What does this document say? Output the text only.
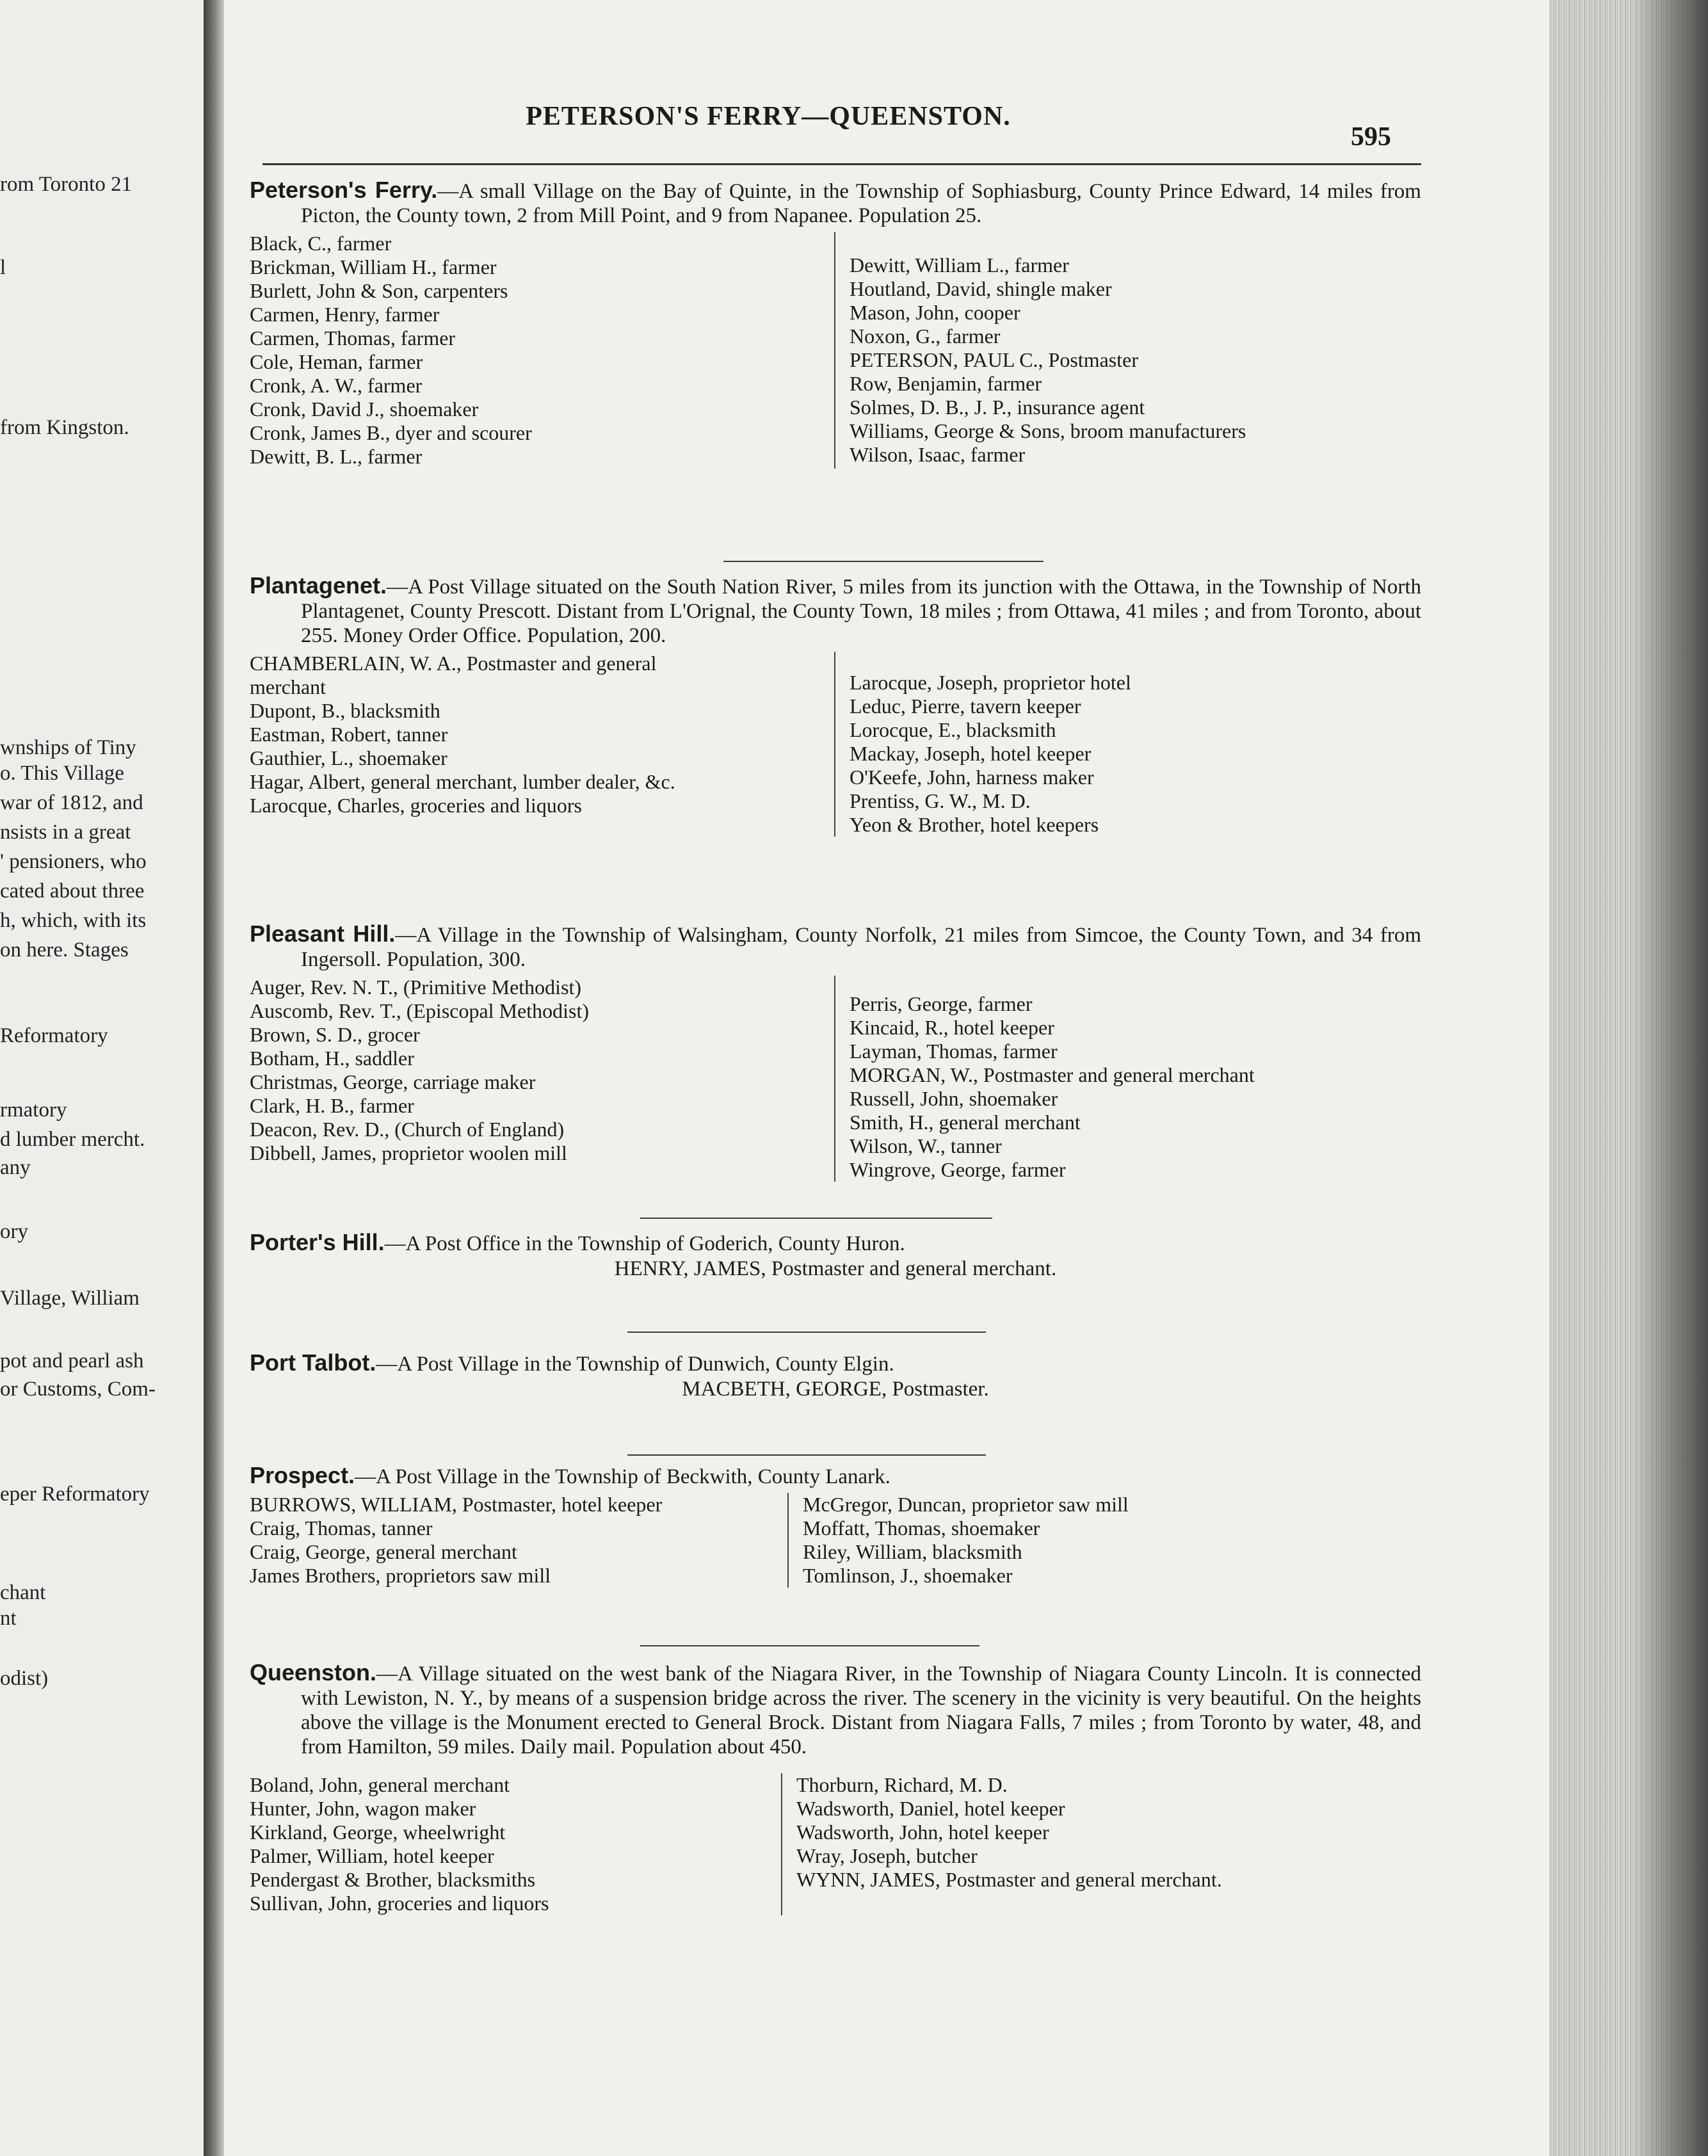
rom Toronto 21
l
from Kingston.
wnships of Tiny
o. This Village
war of 1812, and
nsists in a great
' pensioners, who
cated about three
h, which, with its
on here. Stages
Reformatory
rmatory
d lumber mercht.
any
ory
Village, William
pot and pearl ash
or Customs, Com-
eper Reformatory
chant
nt
odist)
PETERSON'S FERRY—QUEENSTON.
595

Peterson's Ferry.—A small Village on the Bay of Quinte, in the Township of Sophiasburg, County Prince Edward, 14 miles from Picton, the County town, 2 from Mill Point, and 9 from Napanee. Population 25.

Black, C., farmer
Brickman, William H., farmer
Burlett, John & Son, carpenters
Carmen, Henry, farmer
Carmen, Thomas, farmer
Cole, Heman, farmer
Cronk, A. W., farmer
Cronk, David J., shoemaker
Cronk, James B., dyer and scourer
Dewitt, B. L., farmer
Dewitt, William L., farmer
Houtland, David, shingle maker
Mason, John, cooper
Noxon, G., farmer
PETERSON, PAUL C., Postmaster
Row, Benjamin, farmer
Solmes, D. B., J. P., insurance agent
Williams, George & Sons, broom manufacturers
Wilson, Isaac, farmer

Plantagenet.—A Post Village situated on the South Nation River, 5 miles from its junction with the Ottawa, in the Township of North Plantagenet, County Prescott. Distant from L'Orignal, the County Town, 18 miles ; from Ottawa, 41 miles ; and from Toronto, about 255. Money Order Office. Population, 200.

CHAMBERLAIN, W. A., Postmaster and general
merchant
Dupont, B., blacksmith
Eastman, Robert, tanner
Gauthier, L., shoemaker
Hagar, Albert, general merchant, lumber dealer, &c.
Larocque, Charles, groceries and liquors
Larocque, Joseph, proprietor hotel
Leduc, Pierre, tavern keeper
Lorocque, E., blacksmith
Mackay, Joseph, hotel keeper
O'Keefe, John, harness maker
Prentiss, G. W., M. D.
Yeon & Brother, hotel keepers

Pleasant Hill.—A Village in the Township of Walsingham, County Norfolk, 21 miles from Simcoe, the County Town, and 34 from Ingersoll. Population, 300.

Auger, Rev. N. T., (Primitive Methodist)
Auscomb, Rev. T., (Episcopal Methodist)
Brown, S. D., grocer
Botham, H., saddler
Christmas, George, carriage maker
Clark, H. B., farmer
Deacon, Rev. D., (Church of England)
Dibbell, James, proprietor woolen mill
Perris, George, farmer
Kincaid, R., hotel keeper
Layman, Thomas, farmer
MORGAN, W., Postmaster and general merchant
Russell, John, shoemaker
Smith, H., general merchant
Wilson, W., tanner
Wingrove, George, farmer

Porter's Hill.—A Post Office in the Township of Goderich, County Huron.

HENRY, JAMES, Postmaster and general merchant.

Port Talbot.—A Post Village in the Township of Dunwich, County Elgin.

MACBETH, GEORGE, Postmaster.

Prospect.—A Post Village in the Township of Beckwith, County Lanark.

BURROWS, WILLIAM, Postmaster, hotel keeper
Craig, Thomas, tanner
Craig, George, general merchant
James Brothers, proprietors saw mill
McGregor, Duncan, proprietor saw mill
Moffatt, Thomas, shoemaker
Riley, William, blacksmith
Tomlinson, J., shoemaker

Queenston.—A Village situated on the west bank of the Niagara River, in the Township of Niagara County Lincoln. It is connected with Lewiston, N. Y., by means of a suspension bridge across the river. The scenery in the vicinity is very beautiful. On the heights above the village is the Monument erected to General Brock. Distant from Niagara Falls, 7 miles ; from Toronto by water, 48, and from Hamilton, 59 miles. Daily mail. Population about 450.

Boland, John, general merchant
Hunter, John, wagon maker
Kirkland, George, wheelwright
Palmer, William, hotel keeper
Pendergast & Brother, blacksmiths
Sullivan, John, groceries and liquors
Thorburn, Richard, M. D.
Wadsworth, Daniel, hotel keeper
Wadsworth, John, hotel keeper
Wray, Joseph, butcher
WYNN, JAMES, Postmaster and general merchant.
